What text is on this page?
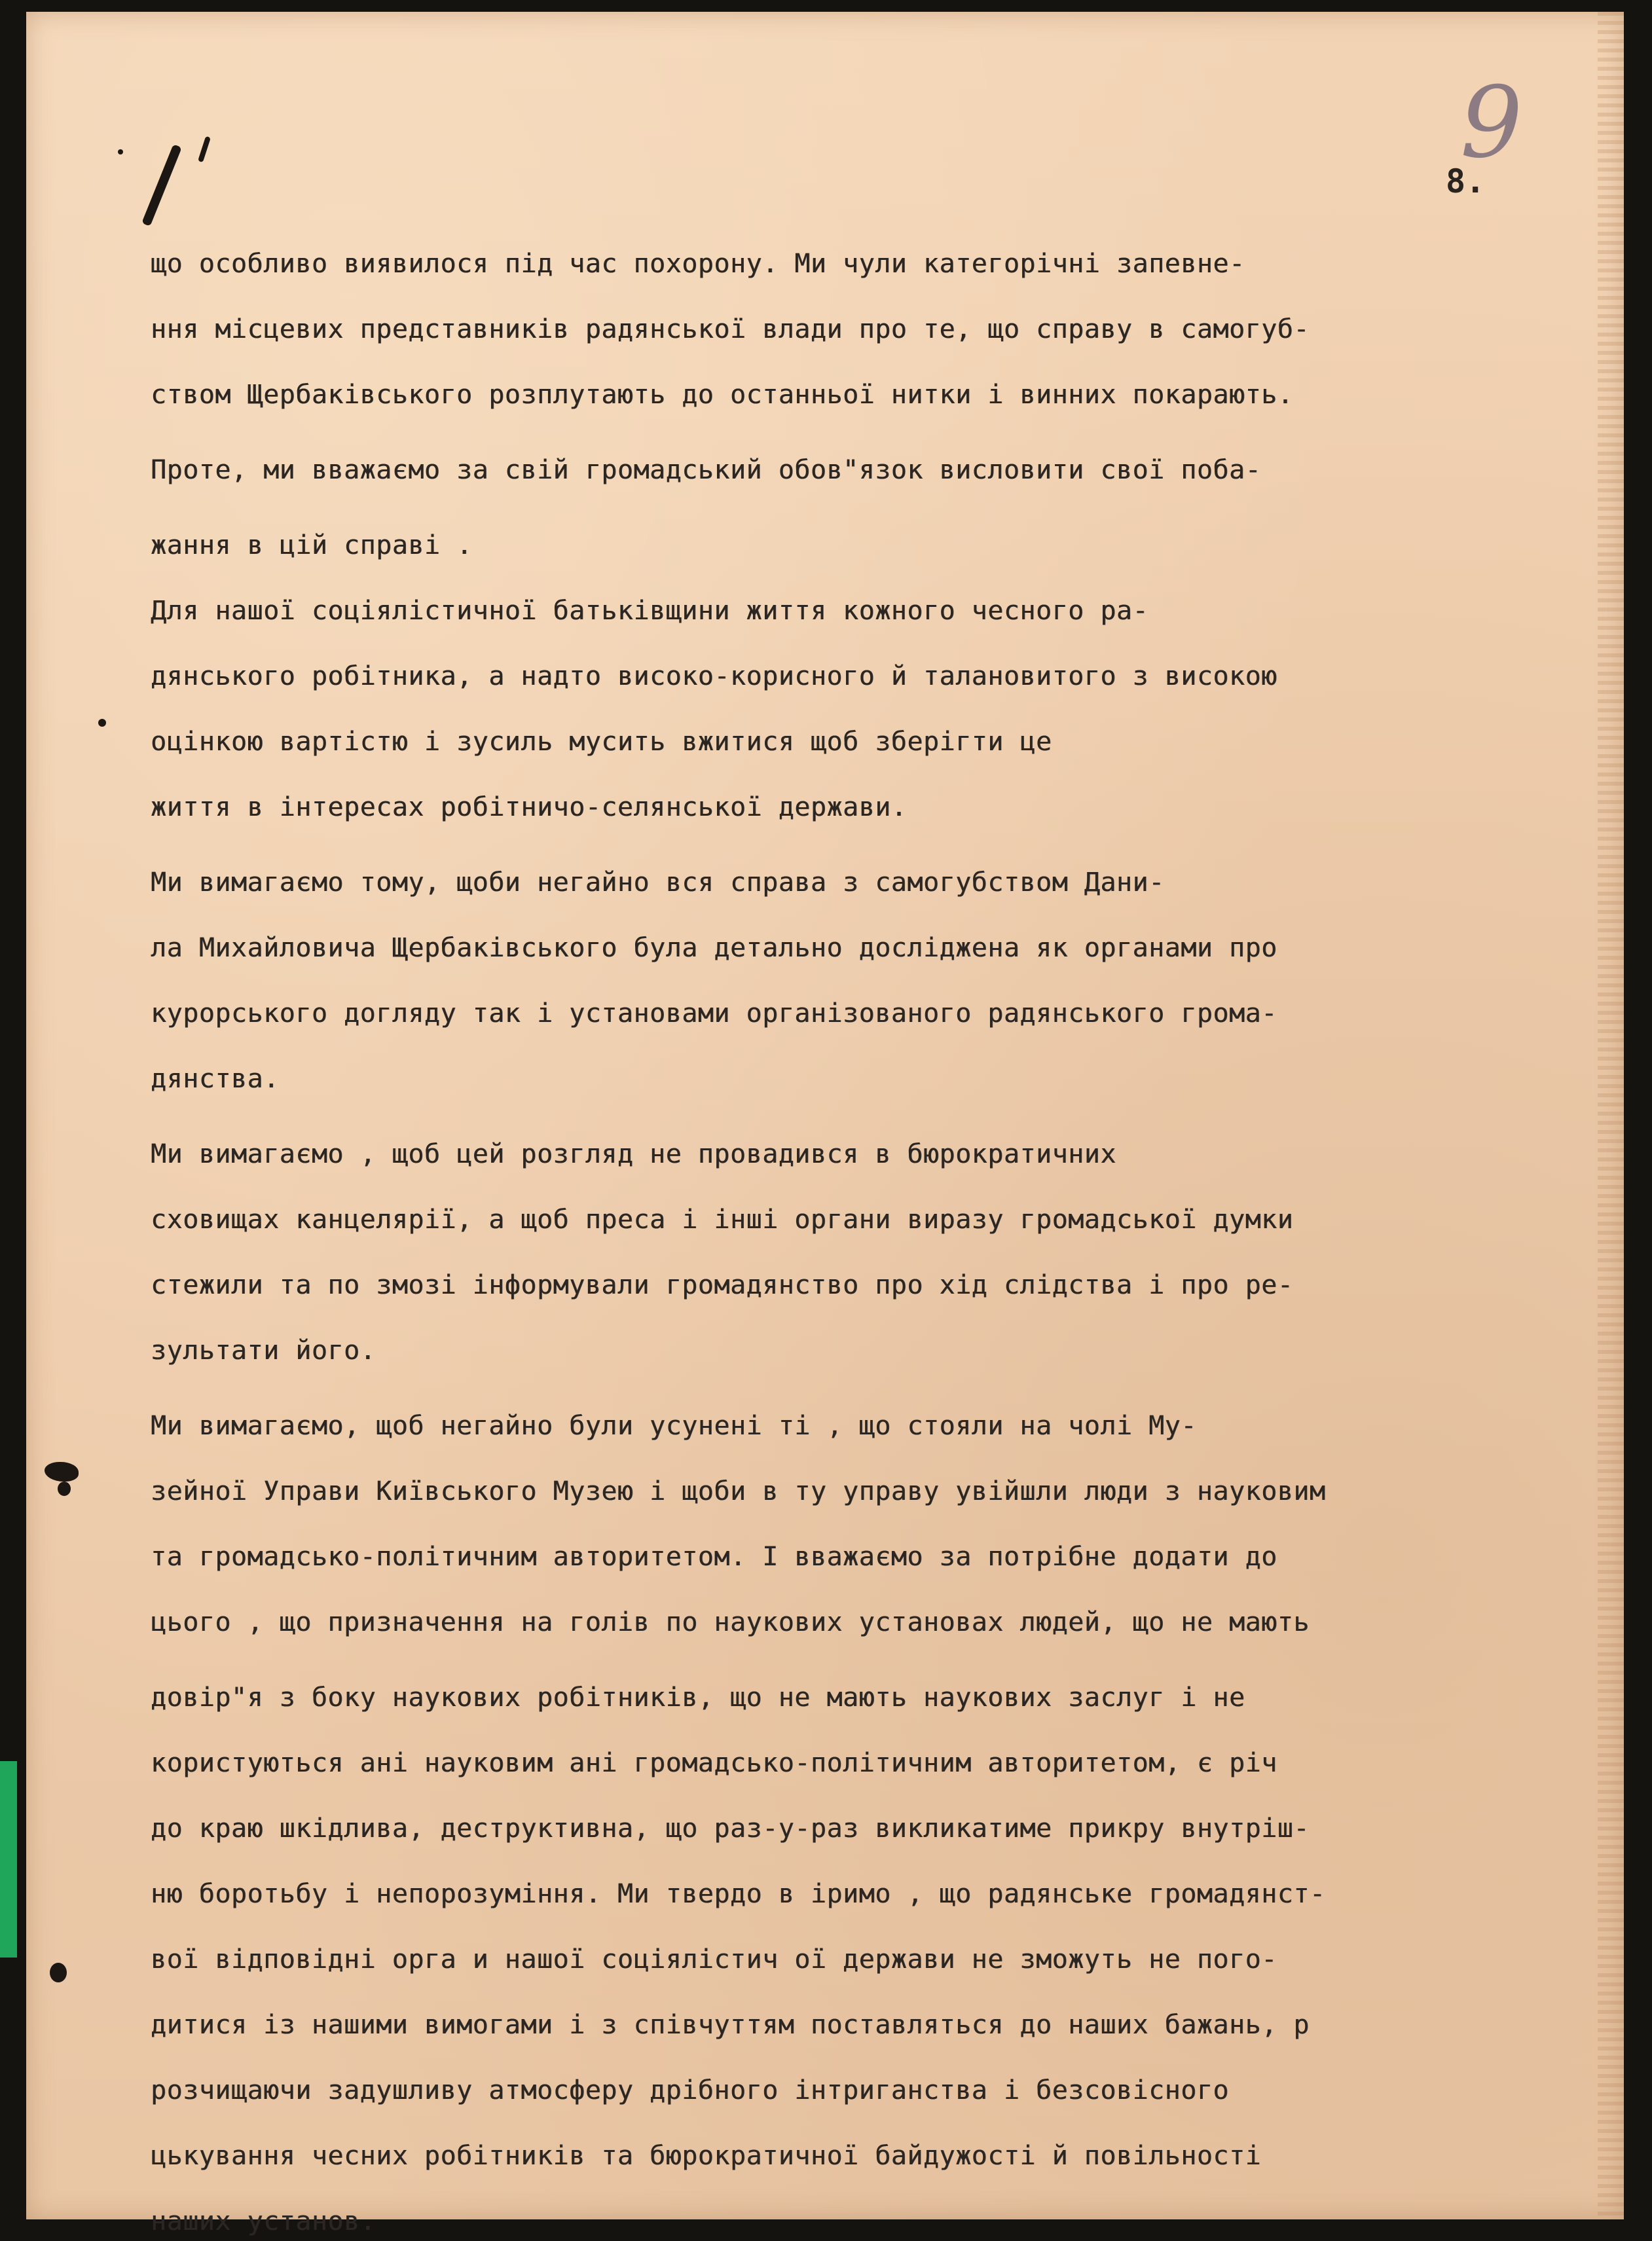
9
8.
що особливо виявилося під час похорону. Ми чули категорічні запевне-
ння місцевих представників радянської влади про те, що справу в самогуб-
ством Щербаківського розплутають до останньої нитки і винних покарають.
Проте, ми вважаємо за свій громадський обов"язок висловити свої поба-
жання в цій справі .
Для нашої соціялістичної батьківщини життя кожного чесного ра-
дянського робітника, а надто високо-корисного й талановитого з високою
оцінкою вартістю і зусиль мусить вжитися щоб зберігти це
життя в інтересах робітничо-селянської держави.
Ми вимагаємо тому, щоби негайно вся справа з самогубством Дани-
ла Михайловича Щербаківського була детально досліджена як органами про
курорського догляду так і установами організованого радянського грома-
дянства.
Ми вимагаємо , щоб цей розгляд не провадився в бюрократичних
сховищах канцелярії, а щоб преса і інші органи виразу громадської думки
стежили та по змозі інформували громадянство про хід слідства і про ре-
зультати його.
Ми вимагаємо, щоб негайно були усунені ті , що стояли на чолі Му-
зейної Управи Київського Музею і щоби в ту управу увійшли люди з науковим
та громадсько-політичним авторитетом. І вважаємо за потрібне додати до
цього , що призначення на голів по наукових установах людей, що не мають
довір"я з боку наукових робітників, що не мають наукових заслуг і не
користуються ані науковим ані громадсько-політичним авторитетом, є річ
до краю шкідлива, деструктивна, що раз-у-раз викликатиме прикру внутріш-
ню боротьбу і непорозуміння. Ми твердо в іримо , що радянське громадянст-
вої відповідні орга и нашої соціялістич ої держави не зможуть не пого-
дитися із нашими вимогами і з співчуттям поставляться до наших бажань, р
розчищаючи задушливу атмосферу дрібного інтриганства і безсовісного
цькування чесних робітників та бюрократичної байдужості й повільності
наших установ.
